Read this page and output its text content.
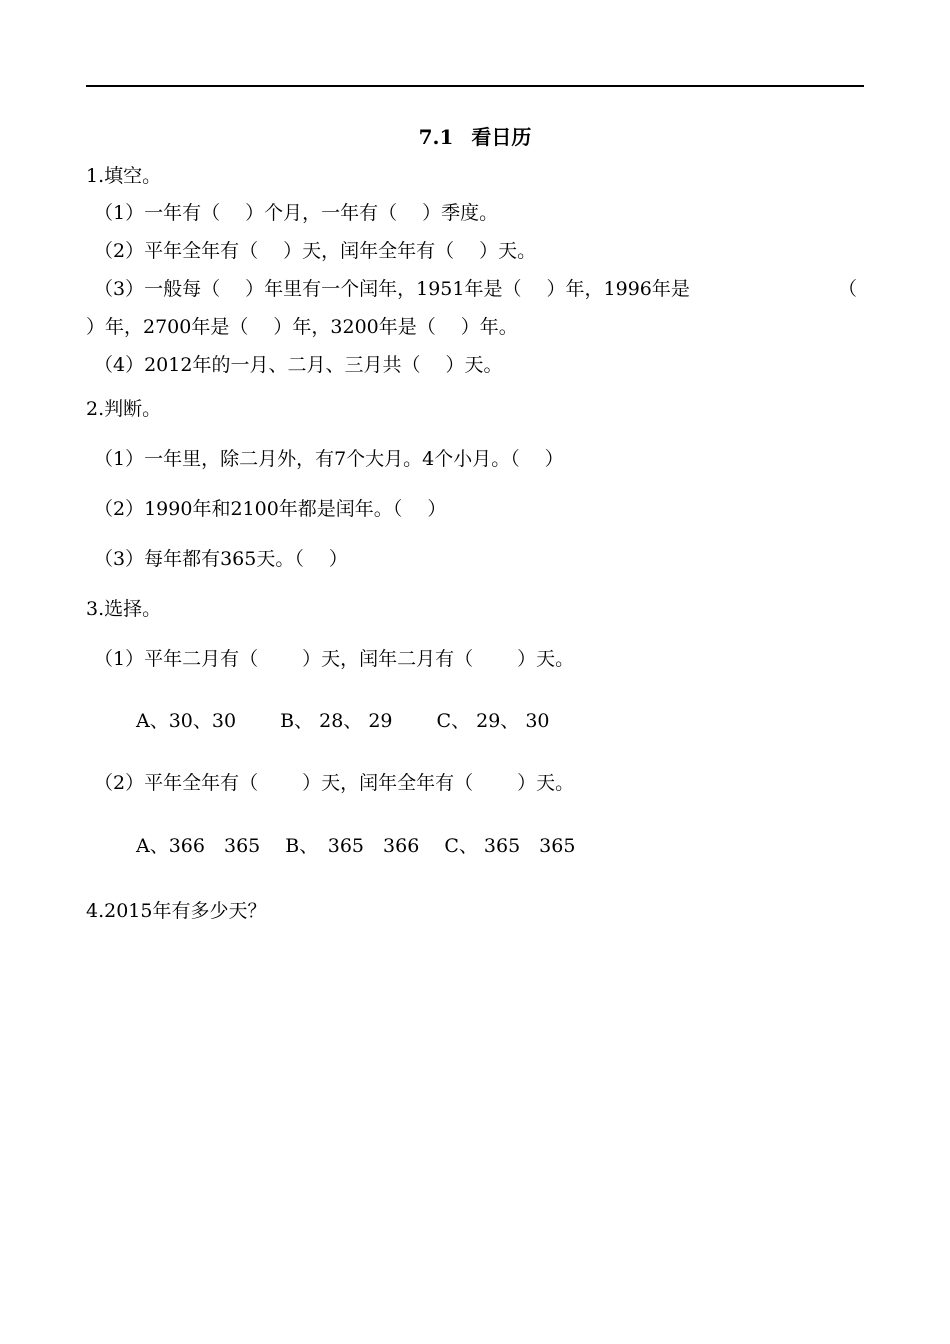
7.1 看日历
1.填空。
（1）一年有（　 ）个月，一年有（　 ）季度。
（2）平年全年有（　 ）天，闰年全年有（　 ）天。
（3）一般每（　 ）年里有一个闰年，1951年是（　 ）年，1996年是	（
）年，2700年是（　 ）年，3200年是（　 ）年。
（4）2012年的一月、二月、三月共（　 ）天。
2.判断。
（1）一年里，除二月外，有7个大月。4个小月。（　 ）
（2）1990年和2100年都是闰年。（　 ）
（3）每年都有365天。（　 ）
3.选择。
（1）平年二月有（　　 ）天，闰年二月有（　　 ）天。
A、30、30　　 B、 28、 29　　 C、 29、 30
（2）平年全年有（　　 ）天，闰年全年有（　　 ）天。
A、366　365　 B、　365　366　 C、 365　365
4.2015年有多少天？
